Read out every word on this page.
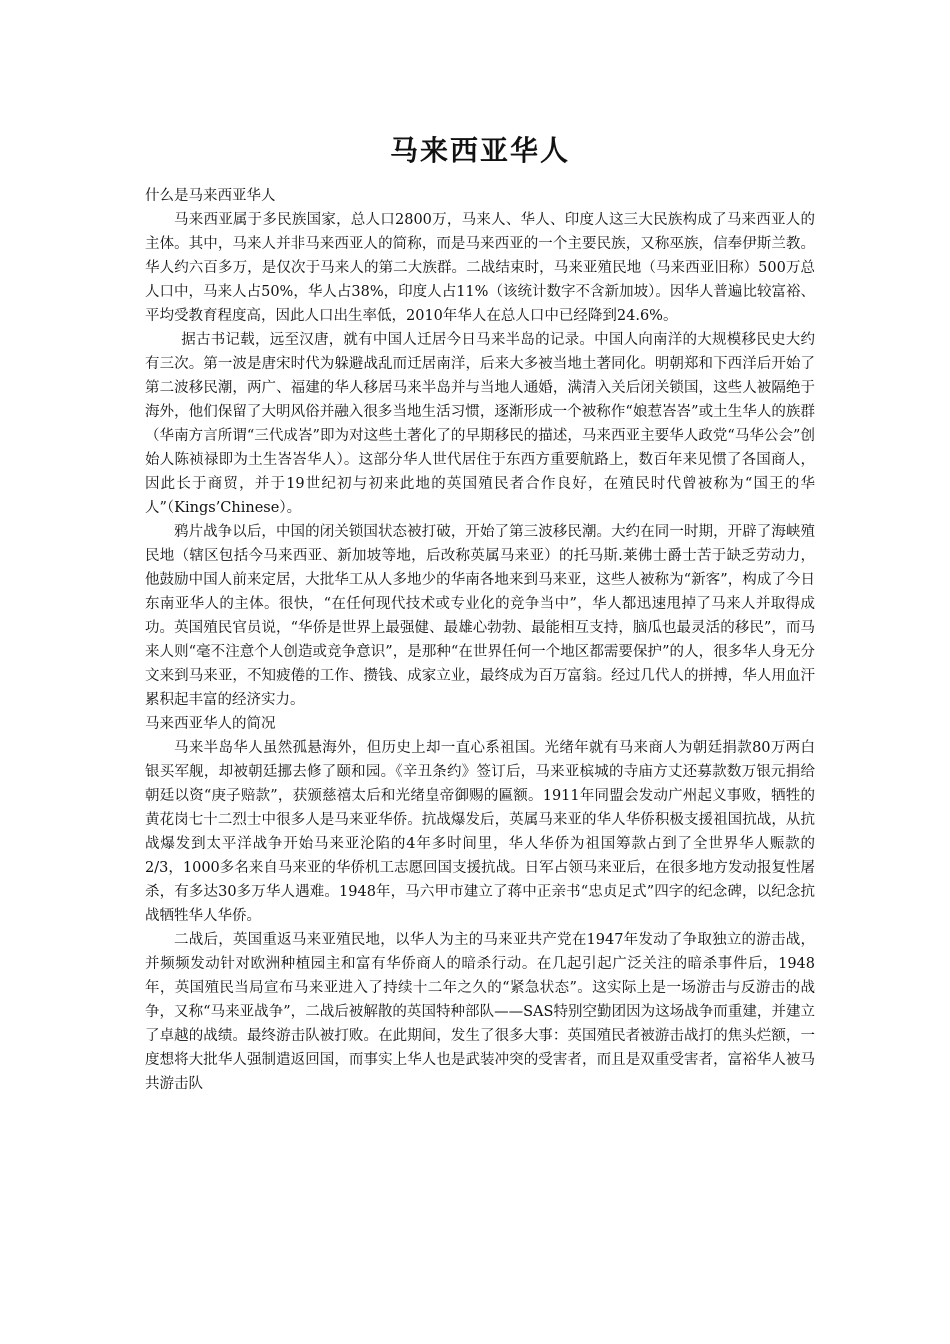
马来西亚华人
什么是马来西亚华人

马来西亚属于多民族国家，总人口2800万，马来人、华人、印度人这三大民族构成了马来西亚人的主体。其中，马来人并非马来西亚人的简称，而是马来西亚的一个主要民族，又称巫族，信奉伊斯兰教。华人约六百多万，是仅次于马来人的第二大族群。二战结束时，马来亚殖民地（马来西亚旧称）500万总人口中，马来人占50%，华人占38%，印度人占11%（该统计数字不含新加坡）。因华人普遍比较富裕、平均受教育程度高，因此人口出生率低，2010年华人在总人口中已经降到24.6%。

据古书记载，远至汉唐，就有中国人迁居今日马来半岛的记录。中国人向南洋的大规模移民史大约有三次。第一波是唐宋时代为躲避战乱而迁居南洋，后来大多被当地土著同化。明朝郑和下西洋后开始了第二波移民潮，两广、福建的华人移居马来半岛并与当地人通婚，满清入关后闭关锁国，这些人被隔绝于海外，他们保留了大明风俗并融入很多当地生活习惯，逐渐形成一个被称作“娘惹峇峇”或土生华人的族群（华南方言所谓“三代成峇”即为对这些土著化了的早期移民的描述，马来西亚主要华人政党“马华公会”创始人陈祯禄即为土生峇峇华人）。这部分华人世代居住于东西方重要航路上，数百年来见惯了各国商人，因此长于商贸，并于19世纪初与初来此地的英国殖民者合作良好，在殖民时代曾被称为“国王的华人”（Kings’Chinese）。

鸦片战争以后，中国的闭关锁国状态被打破，开始了第三波移民潮。大约在同一时期，开辟了海峡殖民地（辖区包括今马来西亚、新加坡等地，后改称英属马来亚）的托马斯.莱佛士爵士苦于缺乏劳动力，他鼓励中国人前来定居，大批华工从人多地少的华南各地来到马来亚，这些人被称为“新客”，构成了今日东南亚华人的主体。很快，“在任何现代技术或专业化的竞争当中”，华人都迅速甩掉了马来人并取得成功。英国殖民官员说，“华侨是世界上最强健、最雄心勃勃、最能相互支持，脑瓜也最灵活的移民”，而马来人则“毫不注意个人创造或竞争意识”，是那种“在世界任何一个地区都需要保护”的人，很多华人身无分文来到马来亚，不知疲倦的工作、攒钱、成家立业，最终成为百万富翁。经过几代人的拼搏，华人用血汗累积起丰富的经济实力。

马来西亚华人的简况

马来半岛华人虽然孤悬海外，但历史上却一直心系祖国。光绪年就有马来商人为朝廷捐款80万两白银买军舰，却被朝廷挪去修了颐和园。《辛丑条约》签订后，马来亚槟城的寺庙方丈还募款数万银元捐给朝廷以资“庚子赔款”，获颁慈禧太后和光绪皇帝御赐的匾额。1911年同盟会发动广州起义事败，牺牲的黄花岗七十二烈士中很多人是马来亚华侨。抗战爆发后，英属马来亚的华人华侨积极支援祖国抗战，从抗战爆发到太平洋战争开始马来亚沦陷的4年多时间里，华人华侨为祖国筹款占到了全世界华人赈款的2/3，1000多名来自马来亚的华侨机工志愿回国支援抗战。日军占领马来亚后，在很多地方发动报复性屠杀，有多达30多万华人遇难。1948年，马六甲市建立了蒋中正亲书“忠贞足式”四字的纪念碑，以纪念抗战牺牲华人华侨。

二战后，英国重返马来亚殖民地，以华人为主的马来亚共产党在1947年发动了争取独立的游击战，并频频发动针对欧洲种植园主和富有华侨商人的暗杀行动。在几起引起广泛关注的暗杀事件后，1948年，英国殖民当局宣布马来亚进入了持续十二年之久的“紧急状态”。这实际上是一场游击与反游击的战争，又称“马来亚战争”，二战后被解散的英国特种部队——SAS特别空勤团因为这场战争而重建，并建立了卓越的战绩。最终游击队被打败。在此期间，发生了很多大事：英国殖民者被游击战打的焦头烂额，一度想将大批华人强制遣返回国，而事实上华人也是武装冲突的受害者，而且是双重受害者，富裕华人被马共游击队
